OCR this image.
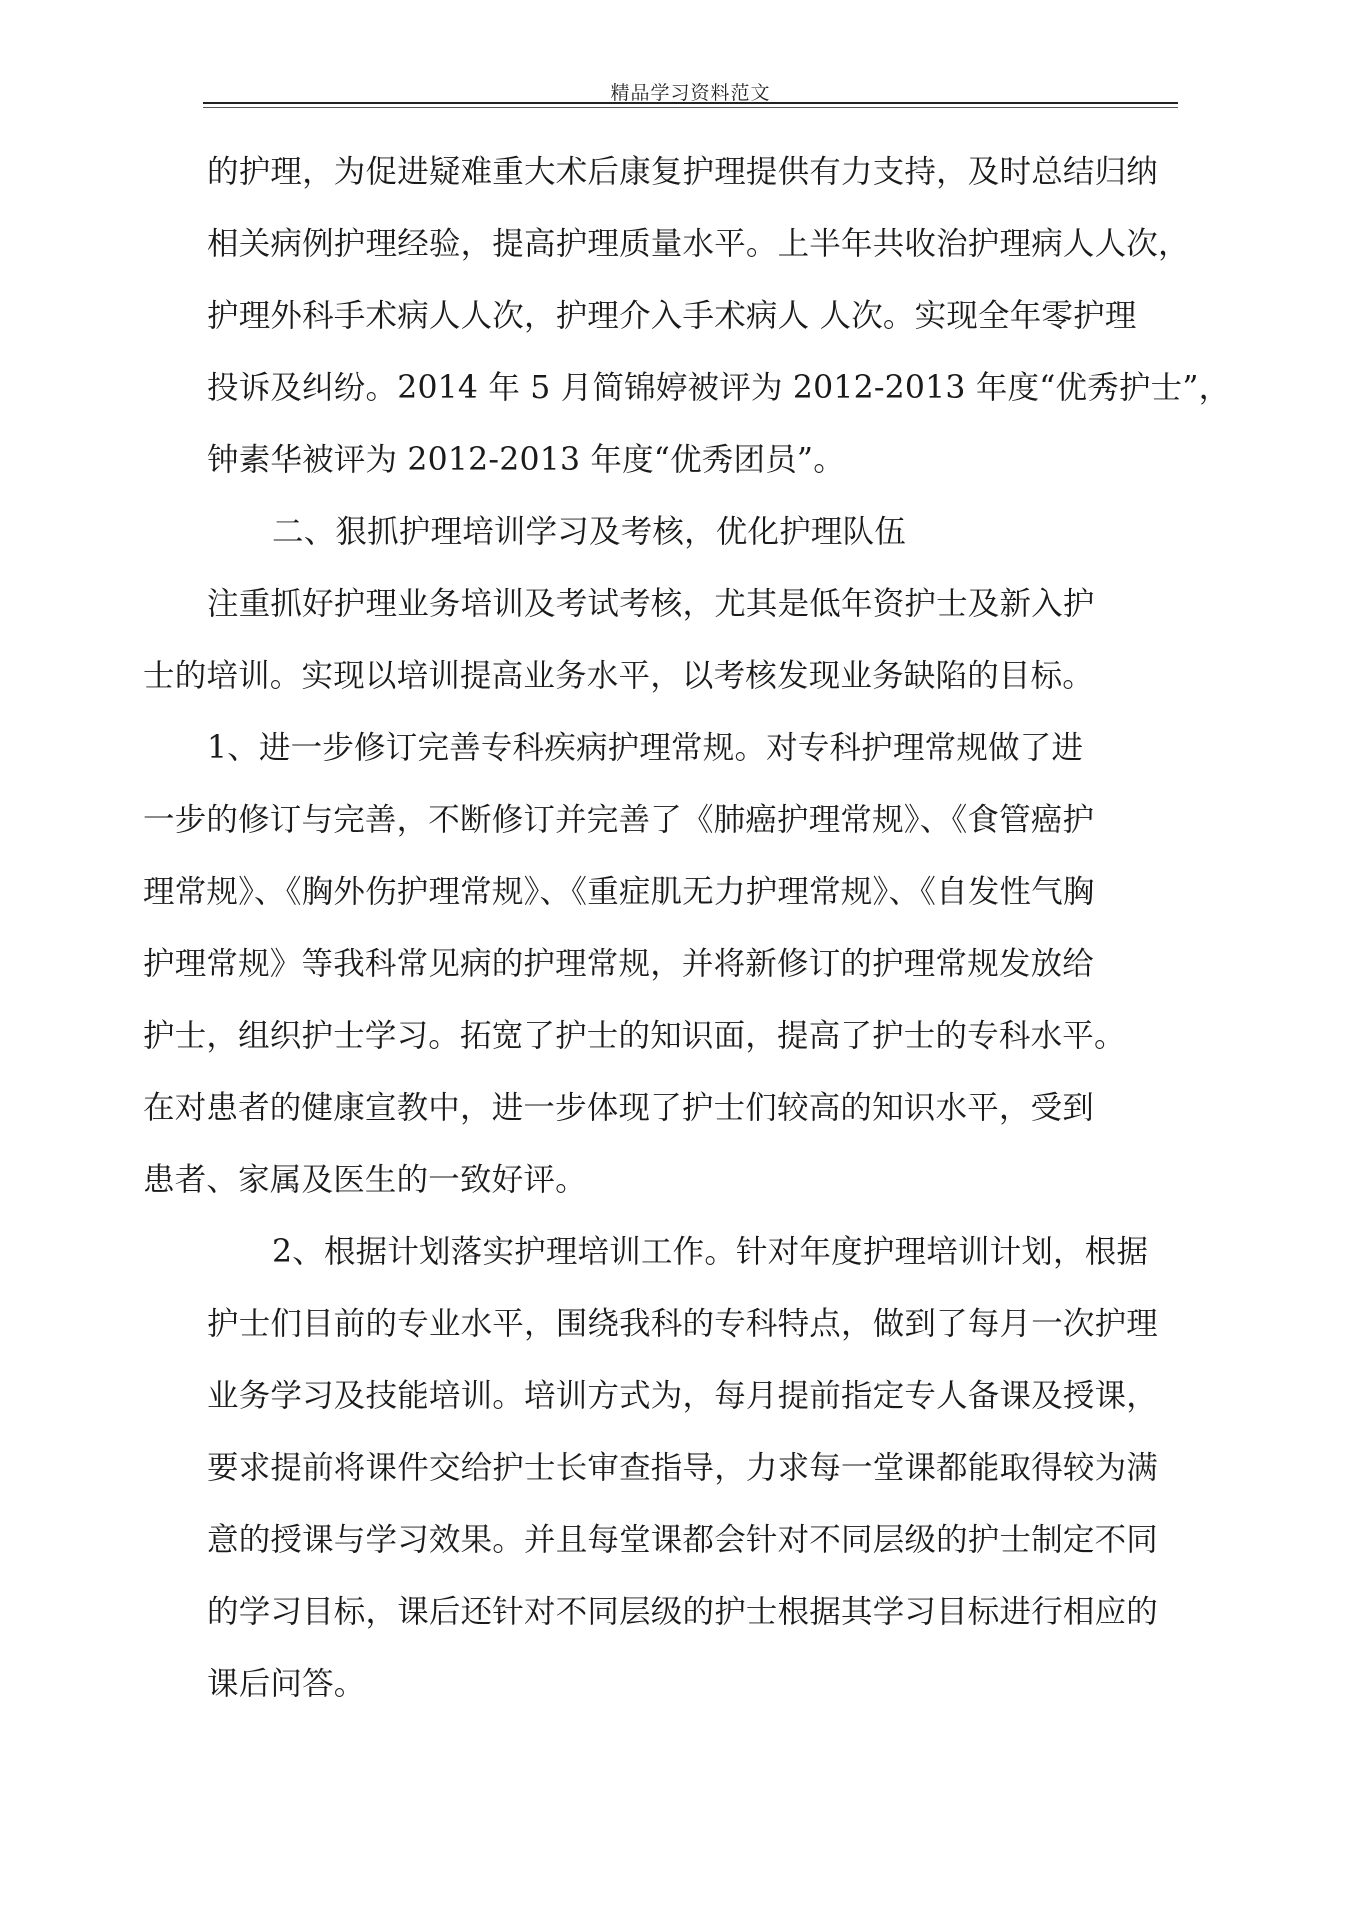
精品学习资料范文
的护理，为促进疑难重大术后康复护理提供有力支持，及时总结归纳
相关病例护理经验，提高护理质量水平。上半年共收治护理病人人次，
护理外科手术病人人次，护理介入手术病人 人次。实现全年零护理
投诉及纠纷。2014 年 5 月简锦婷被评为 2012-2013 年度“优秀护士”，
钟素华被评为 2012-2013 年度“优秀团员”。
二、狠抓护理培训学习及考核，优化护理队伍
注重抓好护理业务培训及考试考核，尤其是低年资护士及新入护
士的培训。实现以培训提高业务水平，以考核发现业务缺陷的目标。
1、进一步修订完善专科疾病护理常规。对专科护理常规做了进
一步的修订与完善，不断修订并完善了《肺癌护理常规》、《食管癌护
理常规》、《胸外伤护理常规》、《重症肌无力护理常规》、《自发性气胸
护理常规》等我科常见病的护理常规，并将新修订的护理常规发放给
护士，组织护士学习。拓宽了护士的知识面，提高了护士的专科水平。
在对患者的健康宣教中，进一步体现了护士们较高的知识水平，受到
患者、家属及医生的一致好评。
2、根据计划落实护理培训工作。针对年度护理培训计划，根据
护士们目前的专业水平，围绕我科的专科特点，做到了每月一次护理
业务学习及技能培训。培训方式为，每月提前指定专人备课及授课，
要求提前将课件交给护士长审查指导，力求每一堂课都能取得较为满
意的授课与学习效果。并且每堂课都会针对不同层级的护士制定不同
的学习目标，课后还针对不同层级的护士根据其学习目标进行相应的
课后问答。
